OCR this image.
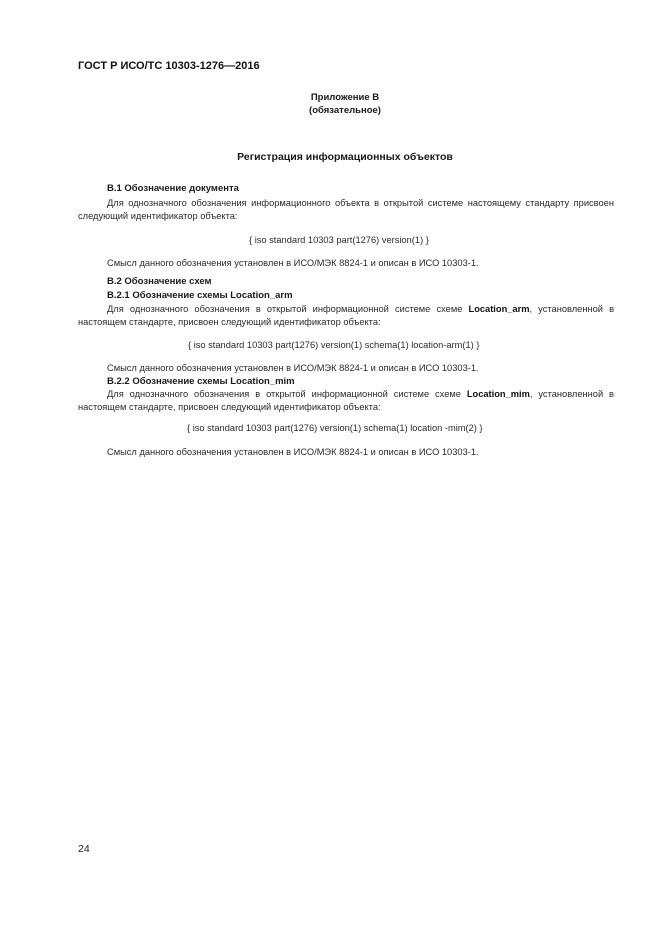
ГОСТ Р ИСО/ТС 10303-1276—2016
Приложение В
(обязательное)
Регистрация информационных объектов
В.1 Обозначение документа
Для однозначного обозначения информационного объекта в открытой системе настоящему стандарту присвоен следующий идентификатор объекта:
{ iso standard 10303 part(1276) version(1) }
Смысл данного обозначения установлен в ИСО/МЭК 8824-1 и описан в ИСО 10303-1.
В.2 Обозначение схем
В.2.1 Обозначение схемы Location_arm
Для однозначного обозначения в открытой информационной системе схеме Location_arm, установленной в настоящем стандарте, присвоен следующий идентификатор объекта:
{ iso standard 10303 part(1276) version(1) schema(1) location-arm(1) }
Смысл данного обозначения установлен в ИСО/МЭК 8824-1 и описан в ИСО 10303-1.
В.2.2 Обозначение схемы Location_mim
Для однозначного обозначения в открытой информационной системе схеме Location_mim, установленной в настоящем стандарте, присвоен следующий идентификатор объекта:
{ iso standard 10303 part(1276) version(1) schema(1) location -mim(2) }
Смысл данного обозначения установлен в ИСО/МЭК 8824-1 и описан в ИСО 10303-1.
24
